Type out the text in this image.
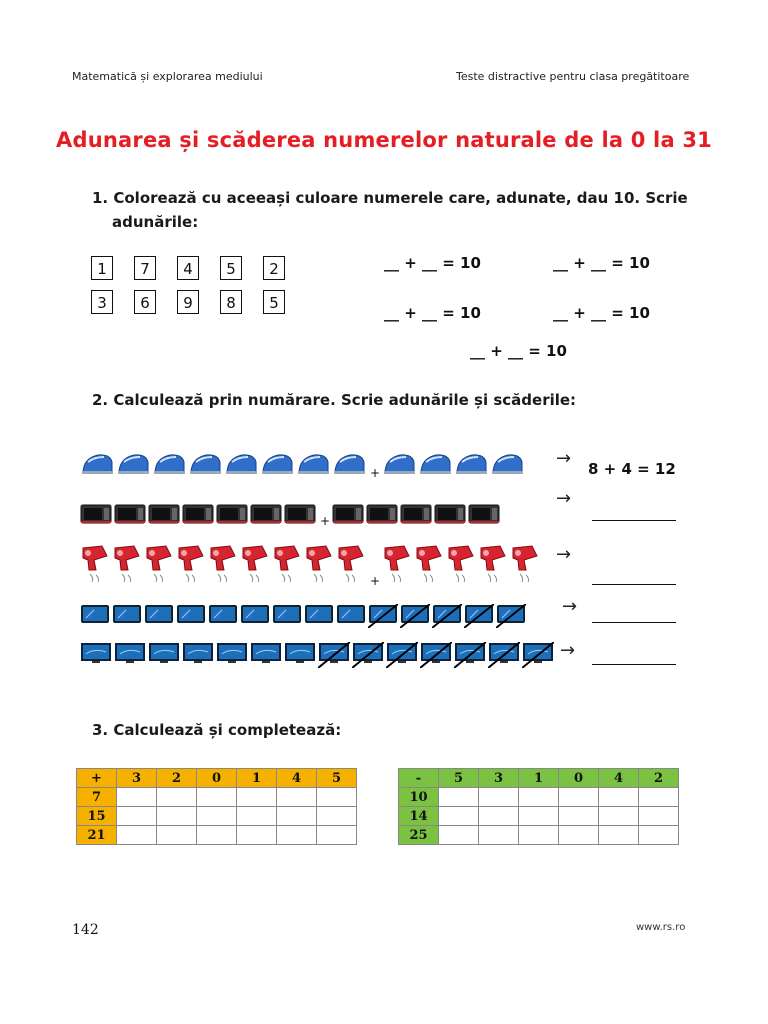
Matematică și explorarea mediului	Teste distractive pentru clasa pregătitoare
Adunarea și scăderea numerelor naturale de la 0 la 31
1. Colorează cu aceeași culoare numerele care, adunate, dau 10. Scrie
adunările:
1	7	4	5	2
3	6	9	8	5
__ + __ = 10	__ + __ = 10
__ + __ = 10	__ + __ = 10
__ + __ = 10
2. Calculează prin numărare. Scrie adunările și scăderile:
+
+
+
→ 8 + 4 = 12
→
→
→
→
3. Calculează și completează:
+	3	2	0	1	4	5
7						
15						
21						
-	5	3	1	0	4	2
10						
14						
25						
142	www.rs.ro
